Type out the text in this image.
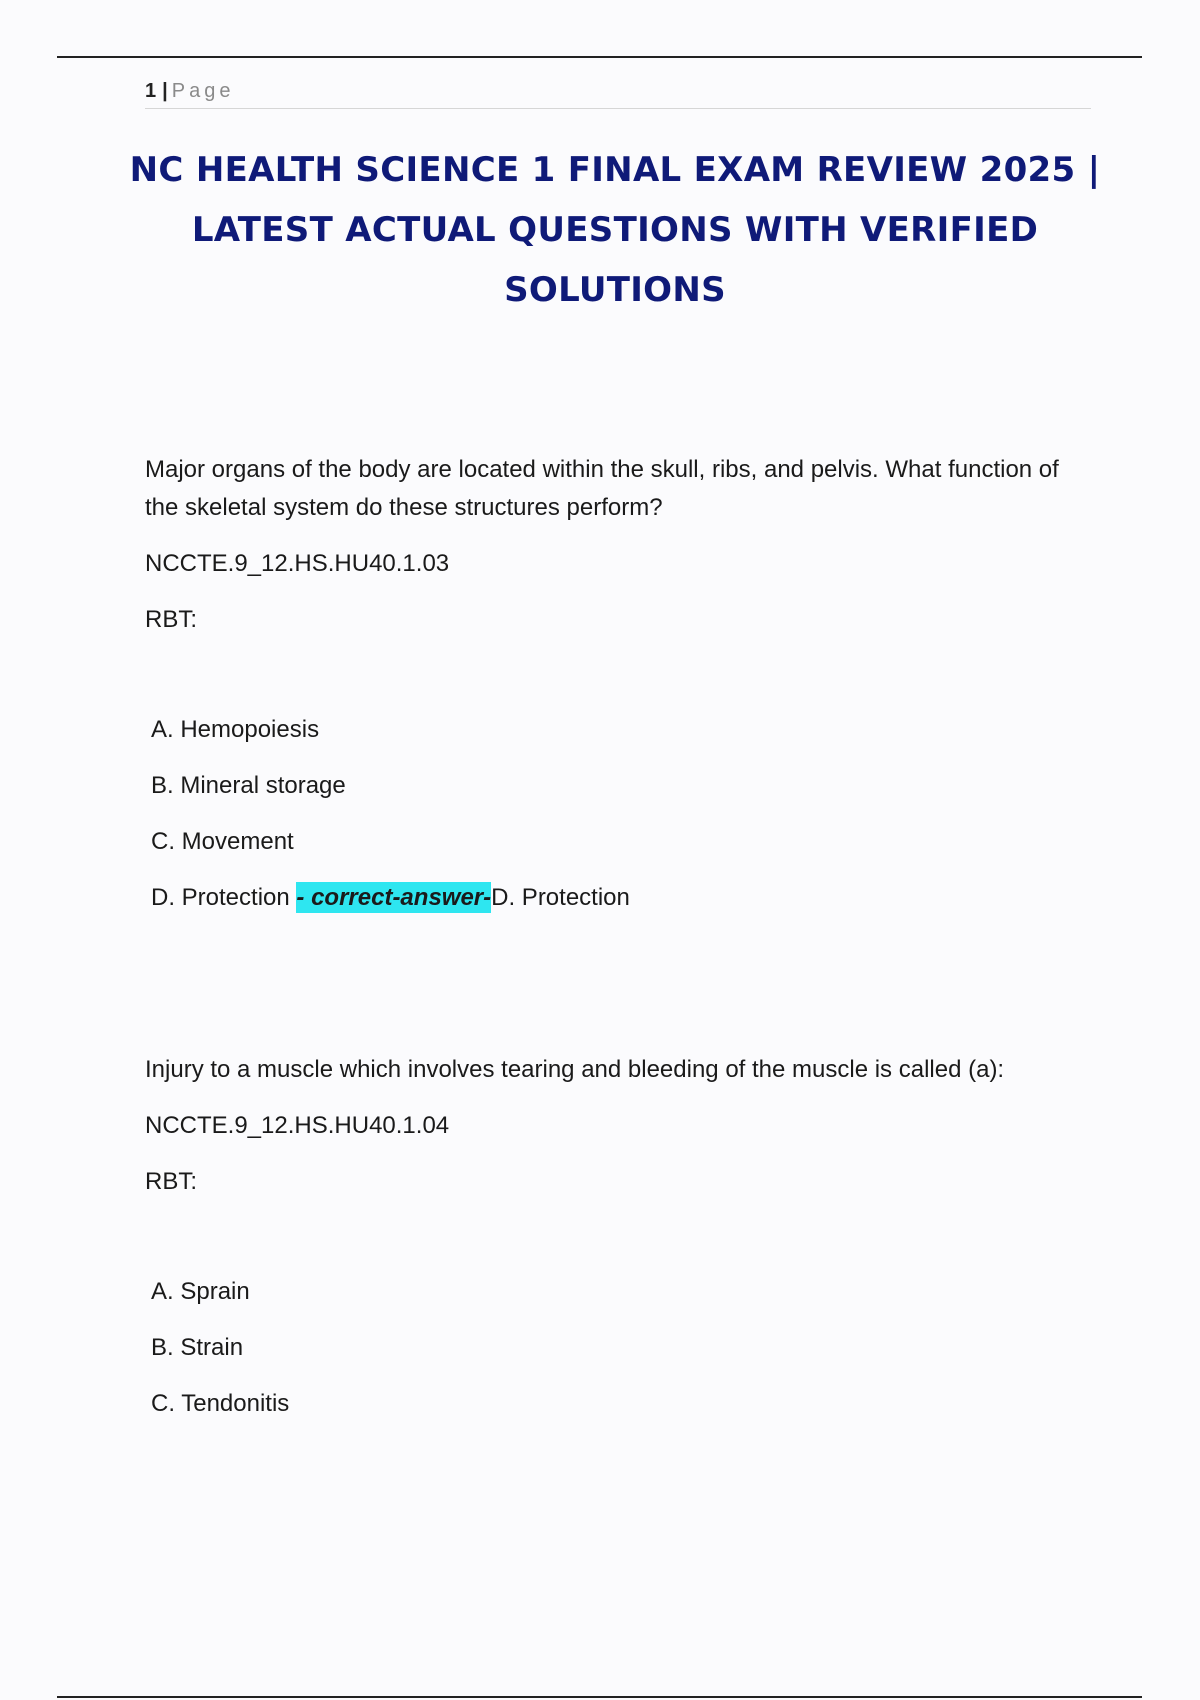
1 | Page
NC HEALTH SCIENCE 1 FINAL EXAM REVIEW 2025 | LATEST ACTUAL QUESTIONS WITH VERIFIED SOLUTIONS

Major organs of the body are located within the skull, ribs, and pelvis. What function of the skeletal system do these structures perform?

NCCTE.9_12.HS.HU40.1.03

RBT:

A. Hemopoiesis
B. Mineral storage
C. Movement
D. Protection - correct-answer-D. Protection

Injury to a muscle which involves tearing and bleeding of the muscle is called (a):

NCCTE.9_12.HS.HU40.1.04

RBT:

A. Sprain
B. Strain
C. Tendonitis
